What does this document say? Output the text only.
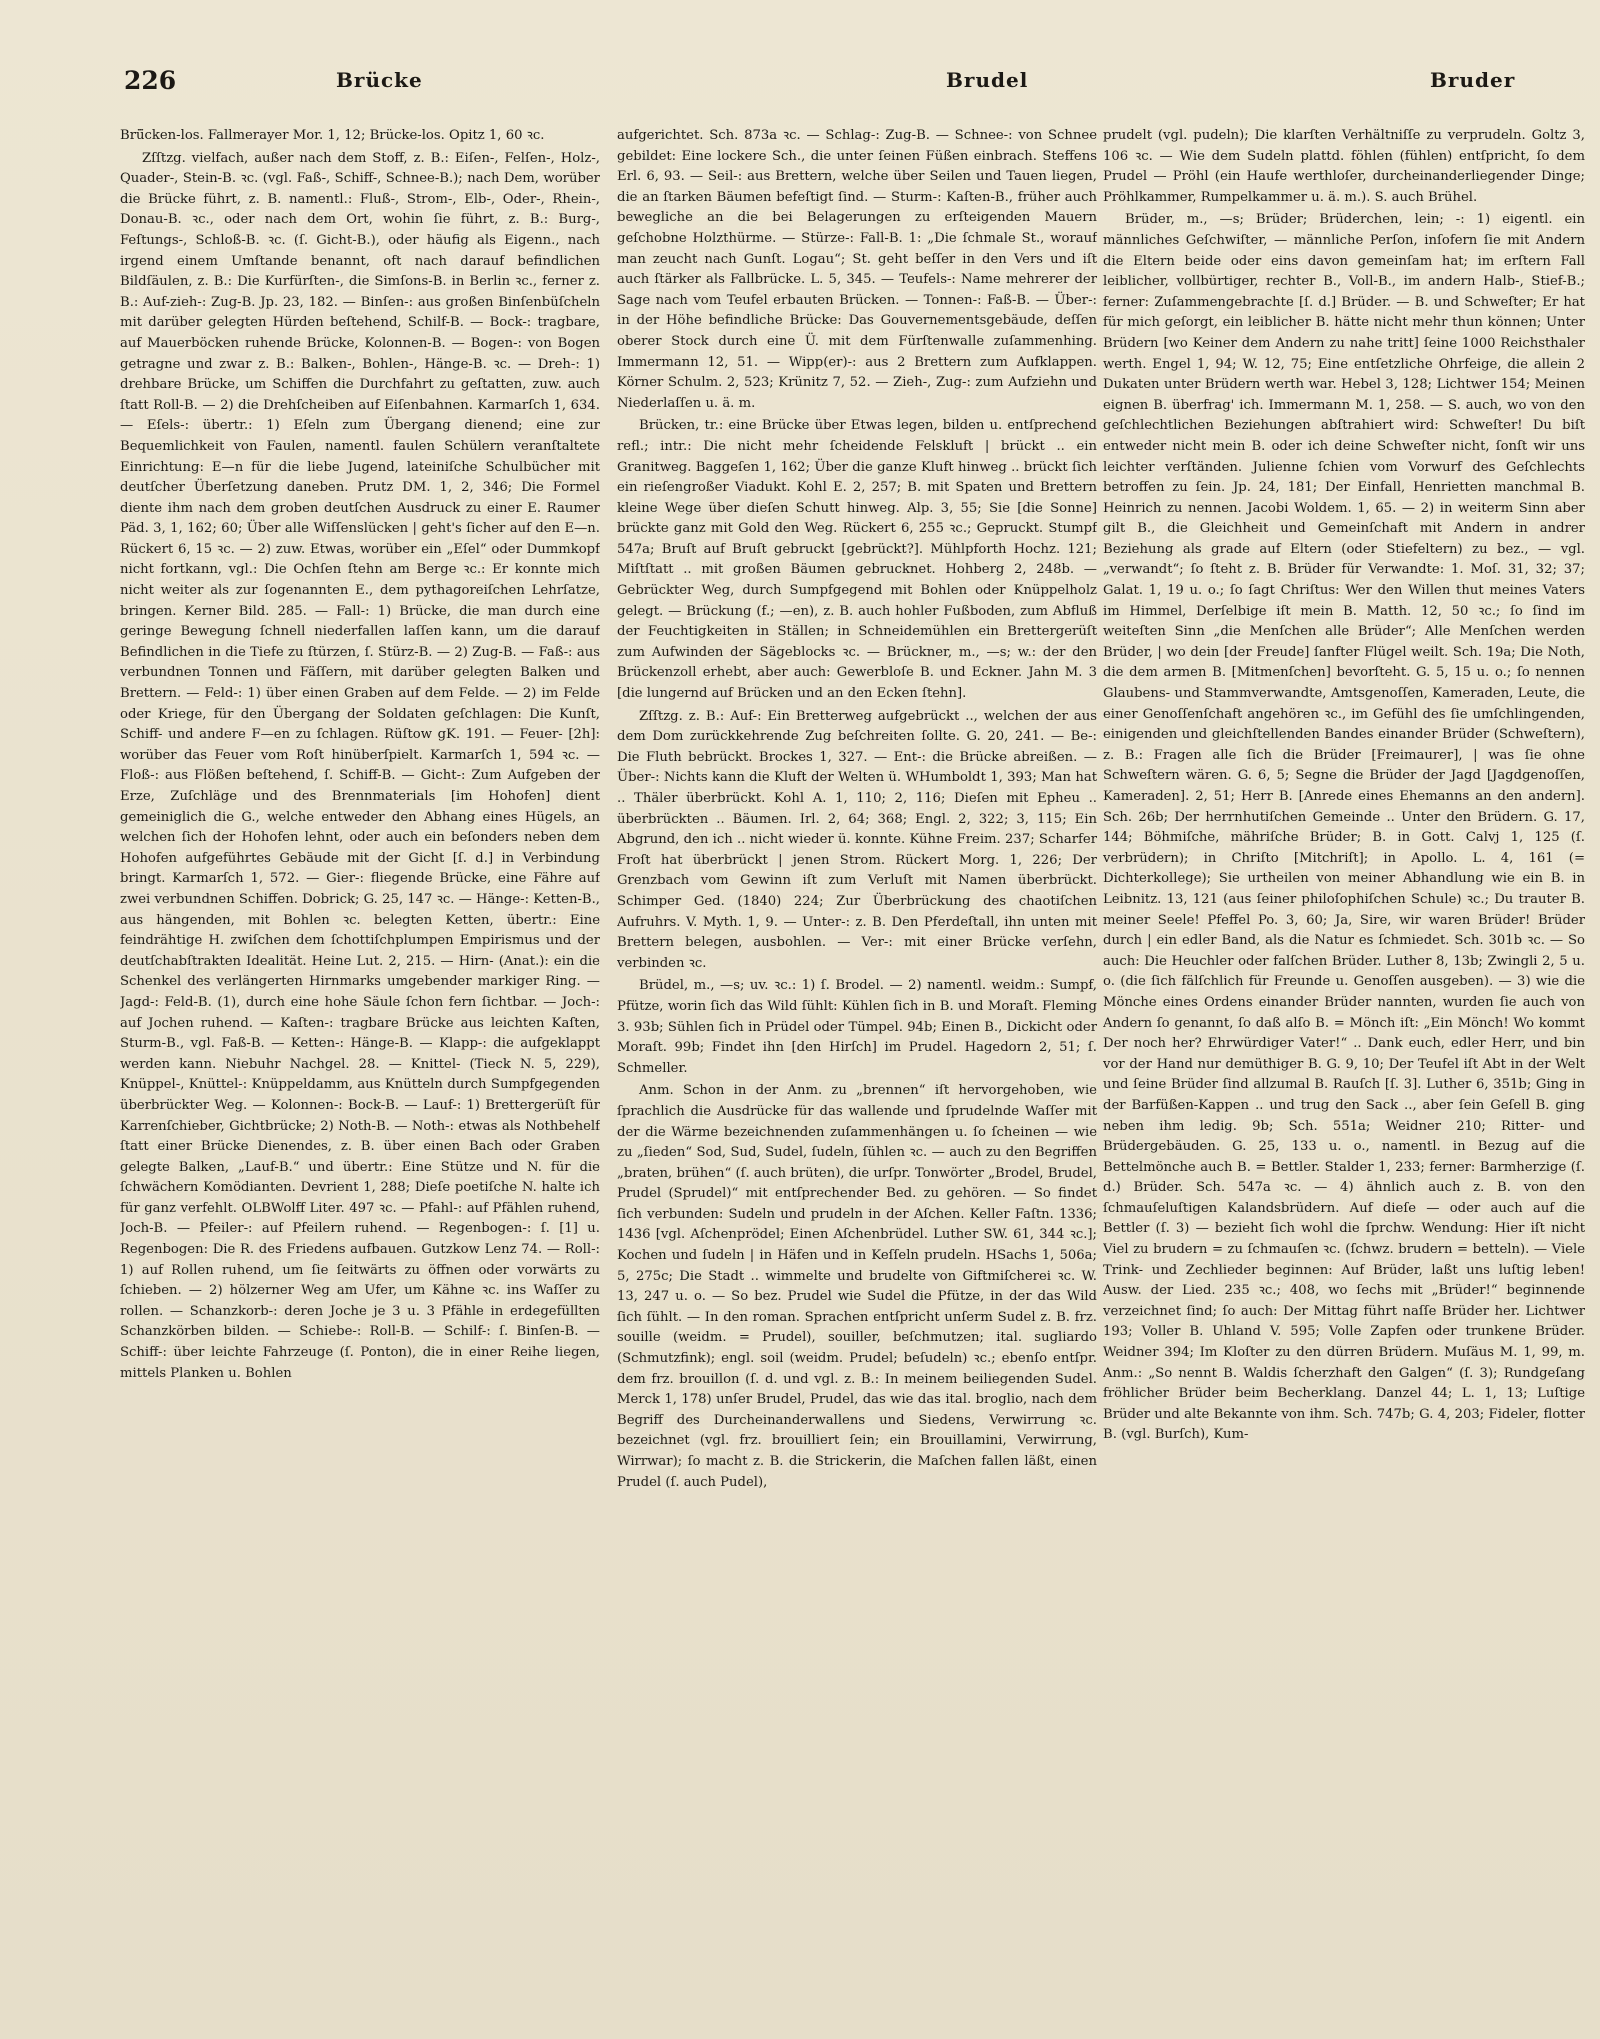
226	Brücke	Brudel	Bruder

Brü̈cken-los. Fallmerayer Mor. 1, 12; Brücke-los. Opitz 1, 60 ꝛc.

Zſſtzg. vielfach, außer nach dem Stoff, z. B.: Eiſen-, Felſen-, Holz-, Quader-, Stein-B. ꝛc. (vgl. Faß-, Schiff-, Schnee-B.); nach Dem, worüber die Brücke führt, z. B. namentl.: Fluß-, Strom-, Elb-, Oder-, Rhein-, Donau-B. ꝛc., oder nach dem Ort, wohin ſie führt, z. B.: Burg-, Feſtungs-, Schloß-B. ꝛc. (ſ. Gicht-B.), oder häufig als Eigenn., nach irgend einem Umſtande benannt, oft nach darauf befindlichen Bildſäulen, z. B.: Die Kurfürſten-, die Simſons-B. in Berlin ꝛc., ferner z. B.: Auf-zieh-: Zug-B. Jp. 23, 182. — Binſen-: aus großen Binſenbüſcheln mit darüber gelegten Hürden beſtehend, Schilf-B. — Bock-: tragbare, auf Mauerböcken ruhende Brücke, Kolonnen-B. — Bogen-: von Bogen getragne und zwar z. B.: Balken-, Bohlen-, Hänge-B. ꝛc. — Dreh-: 1) drehbare Brücke, um Schiffen die Durchfahrt zu geſtatten, zuw. auch ſtatt Roll-B. — 2) die Drehſcheiben auf Eiſenbahnen. Karmarſch 1, 634. — Eſels-: übertr.: 1) Eſeln zum Übergang dienend; eine zur Bequemlichkeit von Faulen, namentl. faulen Schülern veranſtaltete Einrichtung: E—n für die liebe Jugend, lateiniſche Schulbücher mit deutſcher Überſetzung daneben. Prutz DM. 1, 2, 346; Die Formel diente ihm nach dem groben deutſchen Ausdruck zu einer E. Raumer Päd. 3, 1, 162; 60; Über alle Wiſſenslücken | geht's ſicher auf den E—n. Rückert 6, 15 ꝛc. — 2) zuw. Etwas, worüber ein „Eſel“ oder Dummkopf nicht fortkann, vgl.: Die Ochſen ſtehn am Berge ꝛc.: Er konnte mich nicht weiter als zur ſogenannten E., dem pythagoreiſchen Lehrſatze, bringen. Kerner Bild. 285. — Fall-: 1) Brücke, die man durch eine geringe Bewegung ſchnell niederfallen laſſen kann, um die darauf Befindlichen in die Tiefe zu ſtürzen, ſ. Stürz-B. — 2) Zug-B. — Faß-: aus verbundnen Tonnen und Fäſſern, mit darüber gelegten Balken und Brettern. — Feld-: 1) über einen Graben auf dem Felde. — 2) im Felde oder Kriege, für den Übergang der Soldaten geſchlagen: Die Kunſt, Schiff- und andere F—en zu ſchlagen. Rüſtow gK. 191. — Feuer- [2h]: worüber das Feuer vom Roſt hinüberſpielt. Karmarſch 1, 594 ꝛc. — Floß-: aus Flößen beſtehend, ſ. Schiff-B. — Gicht-: Zum Aufgeben der Erze, Zuſchläge und des Brennmaterials [im Hohofen] dient gemeiniglich die G., welche entweder den Abhang eines Hügels, an welchen ſich der Hohofen lehnt, oder auch ein beſonders neben dem Hohofen aufgeführtes Gebäude mit der Gicht [ſ. d.] in Verbindung bringt. Karmarſch 1, 572. — Gier-: fliegende Brücke, eine Fähre auf zwei verbundnen Schiffen. Dobrick; G. 25, 147 ꝛc. — Hänge-: Ketten-B., aus hängenden, mit Bohlen ꝛc. belegten Ketten, übertr.: Eine feindrähtige H. zwiſchen dem ſchottiſchplumpen Empirismus und der deutſchabſtrakten Idealität. Heine Lut. 2, 215. — Hirn- (Anat.): ein die Schenkel des verlängerten Hirnmarks umgebender markiger Ring. — Jagd-: Feld-B. (1), durch eine hohe Säule ſchon fern ſichtbar. — Joch-: auf Jochen ruhend. — Kaſten-: tragbare Brücke aus leichten Kaſten, Sturm-B., vgl. Faß-B. — Ketten-: Hänge-B. — Klapp-: die aufgeklappt werden kann. Niebuhr Nachgel. 28. — Knittel- (Tieck N. 5, 229), Knüppel-, Knüttel-: Knüppeldamm, aus Knütteln durch Sumpfgegenden überbrückter Weg. — Kolonnen-: Bock-B. — Lauf-: 1) Brettergerüſt für Karrenſchieber, Gichtbrücke; 2) Noth-B. — Noth-: etwas als Nothbehelf ſtatt einer Brücke Dienendes, z. B. über einen Bach oder Graben gelegte Balken, „Lauf-B.“ und übertr.: Eine Stütze und N. für die ſchwächern Komödianten. Devrient 1, 288; Dieſe poetiſche N. halte ich für ganz verfehlt. OLBWolff Liter. 497 ꝛc. — Pfahl-: auf Pfählen ruhend, Joch-B. — Pfeiler-: auf Pfeilern ruhend. — Regenbogen-: ſ. [1] u. Regenbogen: Die R. des Friedens aufbauen. Gutzkow Lenz 74. — Roll-: 1) auf Rollen ruhend, um ſie ſeitwärts zu öffnen oder vorwärts zu ſchieben. — 2) hölzerner Weg am Ufer, um Kähne ꝛc. ins Waſſer zu rollen. — Schanzkorb-: deren Joche je 3 u. 3 Pfähle in erdegefüllten Schanzkörben bilden. — Schiebe-: Roll-B. — Schilf-: ſ. Binſen-B. — Schiff-: über leichte Fahrzeuge (ſ. Ponton), die in einer Reihe liegen, mittels Planken u. Bohlen

aufgerichtet. Sch. 873a ꝛc. — Schlag-: Zug-B. — Schnee-: von Schnee gebildet: Eine lockere Sch., die unter ſeinen Füßen einbrach. Steffens Erl. 6, 93. — Seil-: aus Brettern, welche über Seilen und Tauen liegen, die an ſtarken Bäumen befeſtigt ſind. — Sturm-: Kaſten-B., früher auch bewegliche an die bei Belagerungen zu erſteigenden Mauern geſchobne Holzthürme. — Stürze-: Fall-B. 1: „Die ſchmale St., worauf man zeucht nach Gunſt. Logau“; St. geht beſſer in den Vers und iſt auch ſtärker als Fallbrücke. L. 5, 345. — Teufels-: Name mehrerer der Sage nach vom Teufel erbauten Brücken. — Tonnen-: Faß-B. — Über-: in der Höhe befindliche Brücke: Das Gouvernementsgebäude, deſſen oberer Stock durch eine Ü. mit dem Fürſtenwalle zuſammenhing. Immermann 12, 51. — Wipp(er)-: aus 2 Brettern zum Aufklappen. Körner Schulm. 2, 523; Krünitz 7, 52. — Zieh-, Zug-: zum Aufziehn und Niederlaſſen u. ä. m.

Brücken, tr.: eine Brücke über Etwas legen, bilden u. entſprechend refl.; intr.: Die nicht mehr ſcheidende Felskluft | brückt .. ein Granitweg. Baggeſen 1, 162; Über die ganze Kluft hinweg .. brückt ſich ein rieſengroßer Viadukt. Kohl E. 2, 257; B. mit Spaten und Brettern kleine Wege über dieſen Schutt hinweg. Alp. 3, 55; Sie [die Sonne] brückte ganz mit Gold den Weg. Rückert 6, 255 ꝛc.; Gepruckt. Stumpf 547a; Bruſt auf Bruſt gebruckt [gebrückt?]. Mühlpforth Hochz. 121; Miſtſtatt .. mit großen Bäumen gebrucknet. Hohberg 2, 248b. — Gebrückter Weg, durch Sumpfgegend mit Bohlen oder Knüppelholz gelegt. — Brückung (f.; —en), z. B. auch hohler Fußboden, zum Abfluß der Feuchtigkeiten in Ställen; in Schneidemühlen ein Brettergerüſt zum Aufwinden der Sägeblocks ꝛc. — Brückner, m., —s; w.: der den Brückenzoll erhebt, aber auch: Gewerbloſe B. und Eckner. Jahn M. 3 [die lungernd auf Brücken und an den Ecken ſtehn].

Zſſtzg. z. B.: Auf-: Ein Bretterweg aufgebrückt .., welchen der aus dem Dom zurückkehrende Zug beſchreiten ſollte. G. 20, 241. — Be-: Die Fluth bebrückt. Brockes 1, 327. — Ent-: die Brücke abreißen. — Über-: Nichts kann die Kluft der Welten ü. WHumboldt 1, 393; Man hat .. Thäler überbrückt. Kohl A. 1, 110; 2, 116; Dieſen mit Epheu .. überbrückten .. Bäumen. Irl. 2, 64; 368; Engl. 2, 322; 3, 115; Ein Abgrund, den ich .. nicht wieder ü. konnte. Kühne Freim. 237; Scharfer Froſt hat überbrückt | jenen Strom. Rückert Morg. 1, 226; Der Grenzbach vom Gewinn iſt zum Verluſt mit Namen überbrückt. Schimper Ged. (1840) 224; Zur Überbrückung des chaotiſchen Aufruhrs. V. Myth. 1, 9. — Unter-: z. B. Den Pferdeſtall, ihn unten mit Brettern belegen, ausbohlen. — Ver-: mit einer Brücke verſehn, verbinden ꝛc.

Brüdel, m., —s; uv. ꝛc.: 1) ſ. Brodel. — 2) namentl. weidm.: Sumpf, Pfütze, worin ſich das Wild ſühlt: Kühlen ſich in B. und Moraſt. Fleming 3. 93b; Sühlen ſich in Prüdel oder Tümpel. 94b; Einen B., Dickicht oder Moraſt. 99b; Findet ihn [den Hirſch] im Prudel. Hagedorn 2, 51; ſ. Schmeller.

Anm. Schon in der Anm. zu „brennen“ iſt hervorgehoben, wie ſprachlich die Ausdrücke für das wallende und ſprudelnde Waſſer mit der die Wärme bezeichnenden zuſammenhängen u. ſo ſcheinen — wie zu „ſieden“ Sod, Sud, Sudel, ſudeln, ſühlen ꝛc. — auch zu den Begriffen „braten, brühen“ (ſ. auch brüten), die urſpr. Tonwörter „Brodel, Brudel, Prudel (Sprudel)“ mit entſprechender Bed. zu gehören. — So findet ſich verbunden: Sudeln und prudeln in der Aſchen. Keller Faſtn. 1336; 1436 [vgl. Aſchenprödel; Einen Aſchenbrüdel. Luther SW. 61, 344 ꝛc.]; Kochen und ſudeln | in Häfen und in Keſſeln prudeln. HSachs 1, 506a; 5, 275c; Die Stadt .. wimmelte und brudelte von Giftmiſcherei ꝛc. W. 13, 247 u. o. — So bez. Prudel wie Sudel die Pfütze, in der das Wild ſich ſühlt. — In den roman. Sprachen entſpricht unſerm Sudel z. B. frz. souille (weidm. = Prudel), souiller, beſchmutzen; ital. sugliardo (Schmutzfink); engl. soil (weidm. Prudel; beſudeln) ꝛc.; ebenſo entſpr. dem frz. brouillon (ſ. d. und vgl. z. B.: In meinem beiliegenden Sudel. Merck 1, 178) unſer Brudel, Prudel, das wie das ital. broglio, nach dem Begriff des Durcheinanderwallens und Siedens, Verwirrung ꝛc. bezeichnet (vgl. frz. brouilliert ſein; ein Brouillamini, Verwirrung, Wirrwar); ſo macht z. B. die Strickerin, die Maſchen fallen läßt, einen Prudel (ſ. auch Pudel),

prudelt (vgl. pudeln); Die klarſten Verhältniſſe zu verprudeln. Goltz 3, 106 ꝛc. — Wie dem Sudeln plattd. föhlen (fühlen) entſpricht, ſo dem Prudel — Pröhl (ein Haufe werthloſer, durcheinanderliegender Dinge; Pröhlkammer, Rumpelkammer u. ä. m.). S. auch Brühel.

Brüder, m., —s; Brüder; Brüderchen, lein; -: 1) eigentl. ein männliches Geſchwiſter, — männliche Perſon, inſofern ſie mit Andern die Eltern beide oder eins davon gemeinſam hat; im erſtern Fall leiblicher, vollbürtiger, rechter B., Voll-B., im andern Halb-, Stief-B.; ferner: Zuſammengebrachte [ſ. d.] Brüder. — B. und Schweſter; Er hat für mich geſorgt, ein leiblicher B. hätte nicht mehr thun können; Unter Brüdern [wo Keiner dem Andern zu nahe tritt] ſeine 1000 Reichsthaler werth. Engel 1, 94; W. 12, 75; Eine entſetzliche Ohrfeige, die allein 2 Dukaten unter Brüdern werth war. Hebel 3, 128; Lichtwer 154; Meinen eignen B. überfrag' ich. Immermann M. 1, 258. — S. auch, wo von den geſchlechtlichen Beziehungen abſtrahiert wird: Schweſter! Du biſt entweder nicht mein B. oder ich deine Schweſter nicht, ſonſt wir uns leichter verſtänden. Julienne ſchien vom Vorwurf des Geſchlechts betroffen zu ſein. Jp. 24, 181; Der Einfall, Henrietten manchmal B. Heinrich zu nennen. Jacobi Woldem. 1, 65. — 2) in weiterm Sinn aber gilt B., die Gleichheit und Gemeinſchaft mit Andern in andrer Beziehung als grade auf Eltern (oder Stiefeltern) zu bez., — vgl. „verwandt“; ſo ſteht z. B. Brüder für Verwandte: 1. Moſ. 31, 32; 37; Galat. 1, 19 u. o.; ſo ſagt Chriſtus: Wer den Willen thut meines Vaters im Himmel, Derſelbige iſt mein B. Matth. 12, 50 ꝛc.; ſo ſind im weiteſten Sinn „die Menſchen alle Brüder“; Alle Menſchen werden Brüder, | wo dein [der Freude] ſanfter Flügel weilt. Sch. 19a; Die Noth, die dem armen B. [Mitmenſchen] bevorſteht. G. 5, 15 u. o.; ſo nennen Glaubens- und Stammverwandte, Amtsgenoſſen, Kameraden, Leute, die einer Genoſſenſchaft angehören ꝛc., im Gefühl des ſie umſchlingenden, einigenden und gleichſtellenden Bandes einander Brüder (Schweſtern), z. B.: Fragen alle ſich die Brüder [Freimaurer], | was ſie ohne Schweſtern wären. G. 6, 5; Segne die Brüder der Jagd [Jagdgenoſſen, Kameraden]. 2, 51; Herr B. [Anrede eines Ehemanns an den andern]. Sch. 26b; Der herrnhutiſchen Gemeinde .. Unter den Brüdern. G. 17, 144; Böhmiſche, mähriſche Brüder; B. in Gott. Calvj 1, 125 (ſ. verbrüdern); in Chriſto [Mitchriſt]; in Apollo. L. 4, 161 (= Dichterkollege); Sie urtheilen von meiner Abhandlung wie ein B. in Leibnitz. 13, 121 (aus ſeiner philoſophiſchen Schule) ꝛc.; Du trauter B. meiner Seele! Pfeffel Po. 3, 60; Ja, Sire, wir waren Brüder! Brüder durch | ein edler Band, als die Natur es ſchmiedet. Sch. 301b ꝛc. — So auch: Die Heuchler oder falſchen Brüder. Luther 8, 13b; Zwingli 2, 5 u. o. (die ſich fälſchlich für Freunde u. Genoſſen ausgeben). — 3) wie die Mönche eines Ordens einander Brüder nannten, wurden ſie auch von Andern ſo genannt, ſo daß alſo B. = Mönch iſt: „Ein Mönch! Wo kommt Der noch her? Ehrwürdiger Vater!“ .. Dank euch, edler Herr, und bin vor der Hand nur demüthiger B. G. 9, 10; Der Teufel iſt Abt in der Welt und ſeine Brüder ſind allzumal B. Rauſch [ſ. 3]. Luther 6, 351b; Ging in der Barfüßen-Kappen .. und trug den Sack .., aber ſein Geſell B. ging neben ihm ledig. 9b; Sch. 551a; Weidner 210; Ritter- und Brüdergebäuden. G. 25, 133 u. o., namentl. in Bezug auf die Bettelmönche auch B. = Bettler. Stalder 1, 233; ferner: Barmherzige (ſ. d.) Brüder. Sch. 547a ꝛc. — 4) ähnlich auch z. B. von den ſchmauſeluſtigen Kalandsbrüdern. Auf dieſe — oder auch auf die Bettler (ſ. 3) — bezieht ſich wohl die ſprchw. Wendung: Hier iſt nicht Viel zu brudern = zu ſchmauſen ꝛc. (ſchwz. brudern = betteln). — Viele Trink- und Zechlieder beginnen: Auf Brüder, laßt uns luſtig leben! Ausw. der Lied. 235 ꝛc.; 408, wo ſechs mit „Brüder!“ beginnende verzeichnet ſind; ſo auch: Der Mittag führt naſſe Brüder her. Lichtwer 193; Voller B. Uhland V. 595; Volle Zapfen oder trunkene Brüder. Weidner 394; Im Kloſter zu den dürren Brüdern. Muſäus M. 1, 99, m. Anm.: „So nennt B. Waldis ſcherzhaft den Galgen“ (ſ. 3); Rundgeſang fröhlicher Brüder beim Becherklang. Danzel 44; L. 1, 13; Luſtige Brüder und alte Bekannte von ihm. Sch. 747b; G. 4, 203; Fideler, flotter B. (vgl. Burſch), Kum-
